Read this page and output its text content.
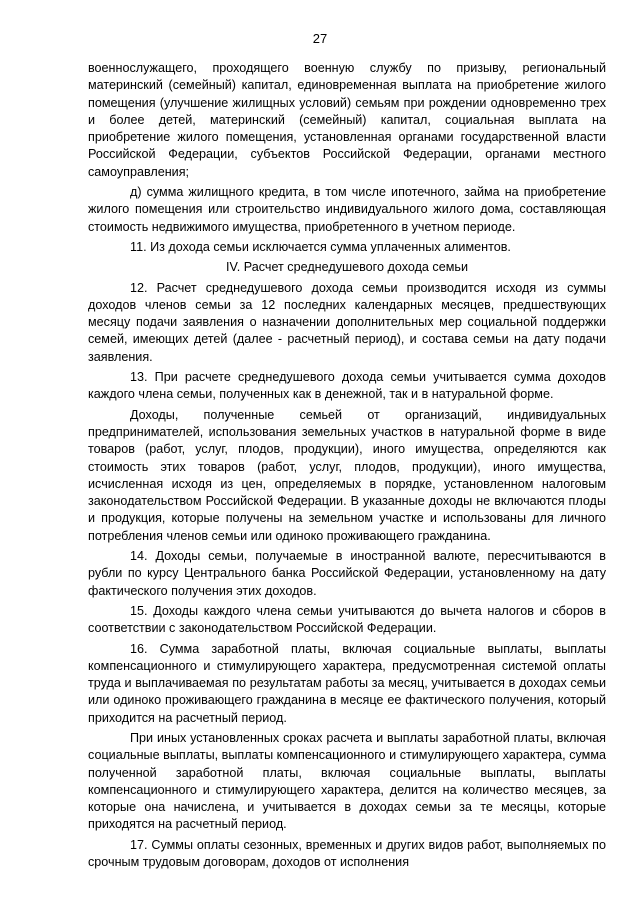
27

военнослужащего, проходящего военную службу по призыву, региональный материнский (семейный) капитал, единовременная выплата на приобретение жилого помещения (улучшение жилищных условий) семьям при рождении одновременно трех и более детей, материнский (семейный) капитал, социальная выплата на приобретение жилого помещения, установленная органами государственной власти Российской Федерации, субъектов Российской Федерации, органами местного самоуправления;

д) сумма жилищного кредита, в том числе ипотечного, займа на приобретение жилого помещения или строительство индивидуального жилого дома, составляющая стоимость недвижимого имущества, приобретенного в учетном периоде.

11. Из дохода семьи исключается сумма уплаченных алиментов.

IV. Расчет среднедушевого дохода семьи

12. Расчет среднедушевого дохода семьи производится исходя из суммы доходов членов семьи за 12 последних календарных месяцев, предшествующих месяцу подачи заявления о назначении дополнительных мер социальной поддержки семей, имеющих детей (далее - расчетный период), и состава семьи на дату подачи заявления.

13. При расчете среднедушевого дохода семьи учитывается сумма доходов каждого члена семьи, полученных как в денежной, так и в натуральной форме.

Доходы, полученные семьей от организаций, индивидуальных предпринимателей, использования земельных участков в натуральной форме в виде товаров (работ, услуг, плодов, продукции), иного имущества, определяются как стоимость этих товаров (работ, услуг, плодов, продукции), иного имущества, исчисленная исходя из цен, определяемых в порядке, установленном налоговым законодательством Российской Федерации. В указанные доходы не включаются плоды и продукция, которые получены на земельном участке и использованы для личного потребления членов семьи или одиноко проживающего гражданина.

14. Доходы семьи, получаемые в иностранной валюте, пересчитываются в рубли по курсу Центрального банка Российской Федерации, установленному на дату фактического получения этих доходов.

15. Доходы каждого члена семьи учитываются до вычета налогов и сборов в соответствии с законодательством Российской Федерации.

16. Сумма заработной платы, включая социальные выплаты, выплаты компенсационного и стимулирующего характера, предусмотренная системой оплаты труда и выплачиваемая по результатам работы за месяц, учитывается в доходах семьи или одиноко проживающего гражданина в месяце ее фактического получения, который приходится на расчетный период.

При иных установленных сроках расчета и выплаты заработной платы, включая социальные выплаты, выплаты компенсационного и стимулирующего характера, сумма полученной заработной платы, включая социальные выплаты, выплаты компенсационного и стимулирующего характера, делится на количество месяцев, за которые она начислена, и учитывается в доходах семьи за те месяцы, которые приходятся на расчетный период.

17. Суммы оплаты сезонных, временных и других видов работ, выполняемых по срочным трудовым договорам, доходов от исполнения
